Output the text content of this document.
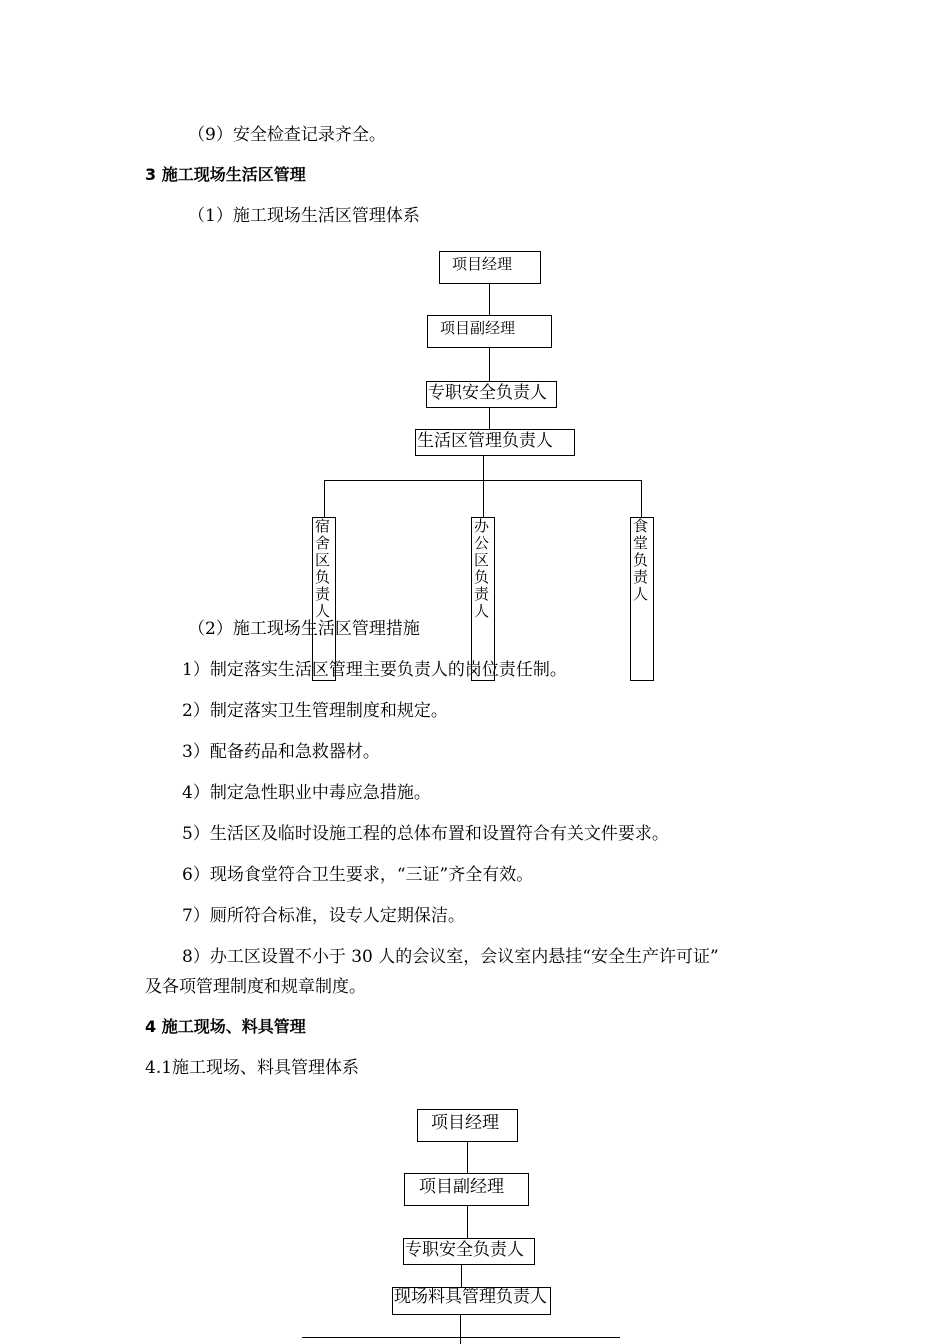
（9）安全检查记录齐全。
3 施工现场生活区管理
（1）施工现场生活区管理体系
项目经理
项目副经理
专职安全负责人
生活区管理负责人
宿舍区负责人
办公区负责人
食堂负责人
（2）施工现场生活区管理措施
1）制定落实生活区管理主要负责人的岗位责任制。
2）制定落实卫生管理制度和规定。
3）配备药品和急救器材。
4）制定急性职业中毒应急措施。
5）生活区及临时设施工程的总体布置和设置符合有关文件要求。
6）现场食堂符合卫生要求，“三证”齐全有效。
7）厕所符合标准，设专人定期保洁。
8）办工区设置不小于 30 人的会议室，会议室内悬挂“安全生产许可证”
及各项管理制度和规章制度。
4 施工现场、料具管理
4.1施工现场、料具管理体系
项目经理
项目副经理
专职安全负责人
现场料具管理负责人
